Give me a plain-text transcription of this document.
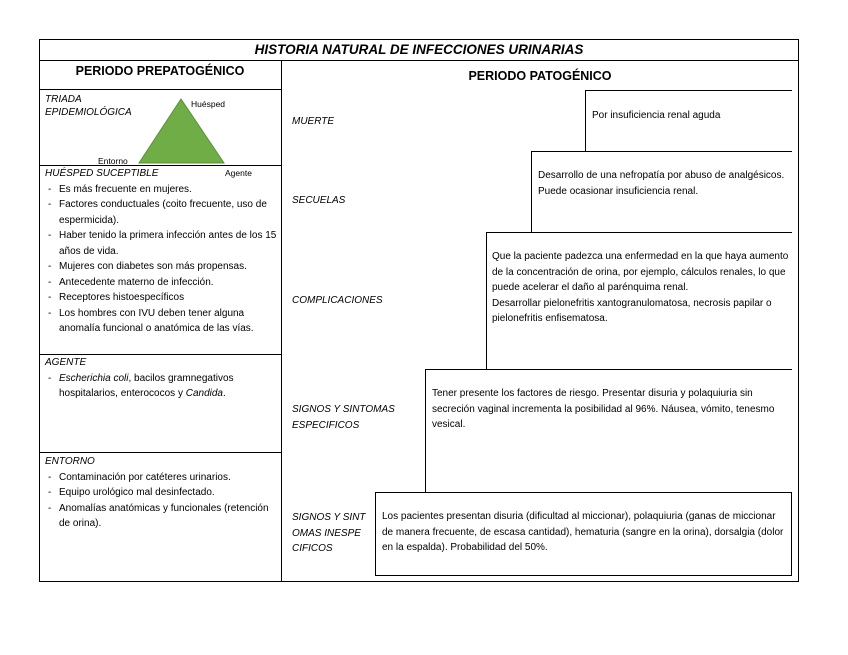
HISTORIA NATURAL DE INFECCIONES URINARIAS
PERIODO PREPATOGÉNICO	PERIODO PATOGÉNICO
TRIADA
EPIDEMIOLÓGICA
Huésped
Entorno
Agente
HUÉSPED SUCEPTIBLE
- Es más frecuente en mujeres.
- Factores conductuales (coito frecuente, uso de espermicida).
- Haber tenido la primera infección antes de los 15 años de vida.
- Mujeres con diabetes son más propensas.
- Antecedente materno de infección.
- Receptores histoespecíficos
- Los hombres con IVU deben tener alguna anomalía funcional o anatómica de las vías.
AGENTE
- Escherichia coli, bacilos gramnegativos hospitalarios, enterococos y Candida.
ENTORNO
- Contaminación por catéteres urinarios.
- Equipo urológico mal desinfectado.
- Anomalías anatómicas y funcionales (retención de orina).
MUERTE
SECUELAS
COMPLICACIONES
SIGNOS Y SINTOMAS ESPECIFICOS
SIGNOS Y SINTOMAS INESPECIFICOS
Por insuficiencia renal aguda
Desarrollo de una nefropatía por abuso de analgésicos.
Puede ocasionar insuficiencia renal.
Que la paciente padezca una enfermedad en la que haya aumento de la concentración de orina, por ejemplo, cálculos renales, lo que puede acelerar el daño al parénquima renal.
Desarrollar pielonefritis xantogranulomatosa, necrosis papilar o pielonefritis enfisematosa.
Tener presente los factores de riesgo. Presentar disuria y polaquiuria sin secreción vaginal incrementa la posibilidad al 96%. Náusea, vómito, tenesmo vesical.
Los pacientes presentan disuria (dificultad al miccionar), polaquiuria (ganas de miccionar de manera frecuente, de escasa cantidad), hematuria (sangre en la orina), dorsalgia (dolor en la espalda). Probabilidad del 50%.
